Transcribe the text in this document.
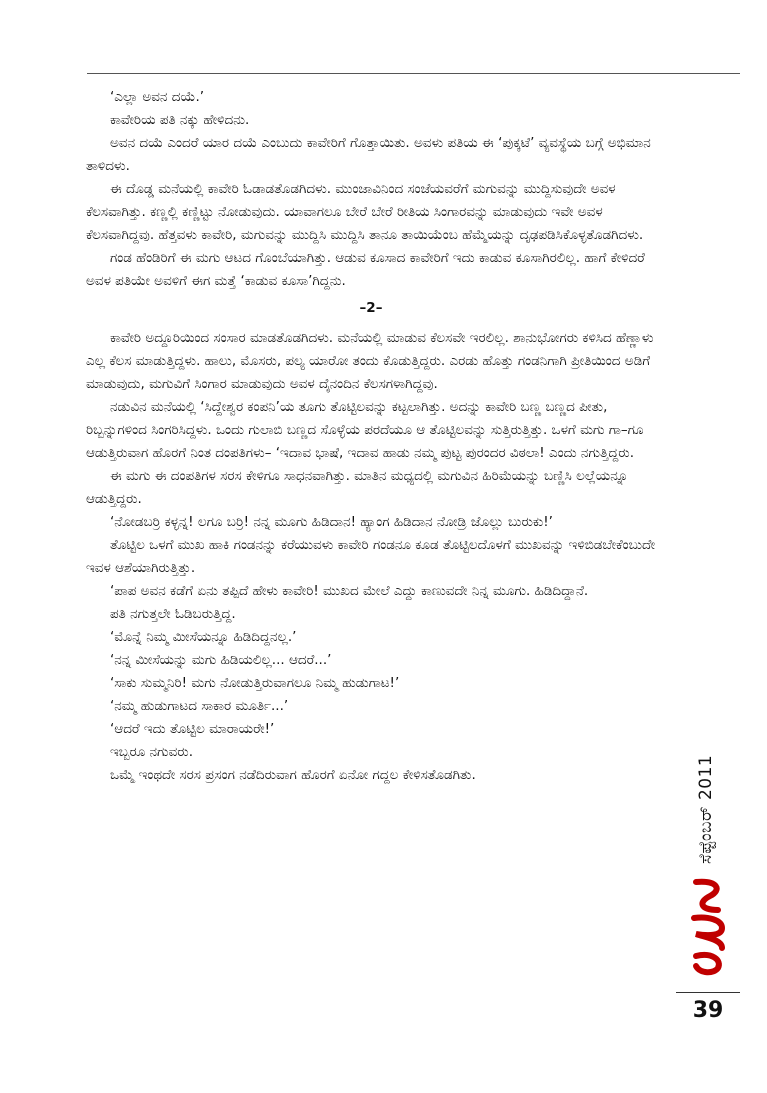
‘ಎಲ್ಲಾ ಅವನ ದಯೆ.’

ಕಾವೇರಿಯ ಪತಿ ನಕ್ಕು ಹೇಳಿದನು.

ಅವನ ದಯೆ ಎಂದರೆ ಯಾರ ದಯೆ ಎಂಬುದು ಕಾವೇರಿಗೆ ಗೊತ್ತಾಯಿತು. ಅವಳು ಪತಿಯ ಈ ‘ಪುಕ್ಕಟೆ’ ವ್ಯವಸ್ಥೆಯ ಬಗ್ಗೆ ಅಭಿಮಾನ ತಾಳಿದಳು.

ಈ ದೊಡ್ಡ ಮನೆಯಲ್ಲಿ ಕಾವೇರಿ ಓಡಾಡತೊಡಗಿದಳು. ಮುಂಜಾವಿನಿಂದ ಸಂಜೆಯವರೆಗೆ ಮಗುವನ್ನು ಮುದ್ದಿಸುವುದೇ ಅವಳ ಕೆಲಸವಾಗಿತ್ತು. ಕಣ್ಣಲ್ಲಿ ಕಣ್ಣಿಟ್ಟು ನೋಡುವುದು. ಯಾವಾಗಲೂ ಬೇರೆ ಬೇರೆ ರೀತಿಯ ಸಿಂಗಾರವನ್ನು ಮಾಡುವುದು ಇವೇ ಅವಳ ಕೆಲಸವಾಗಿದ್ದವು. ಹೆತ್ತವಳು ಕಾವೇರಿ, ಮಗುವನ್ನು ಮುದ್ದಿಸಿ ಮುದ್ದಿಸಿ ತಾನೂ ತಾಯಿಯೆಂಬ ಹೆಮ್ಮೆಯನ್ನು ದೃಢಪಡಿಸಿಕೊಳ್ಳತೊಡಗಿದಳು.

ಗಂಡ ಹೆಂಡಿರಿಗೆ ಈ ಮಗು ಆಟದ ಗೊಂಬೆಯಾಗಿತ್ತು. ಆಡುವ ಕೂಸಾದ ಕಾವೇರಿಗೆ ಇದು ಕಾಡುವ ಕೂಸಾಗಿರಲಿಲ್ಲ. ಹಾಗೆ ಕೇಳಿದರೆ ಅವಳ ಪತಿಯೇ ಅವಳಿಗೆ ಈಗ ಮತ್ತೆ ‘ಕಾಡುವ ಕೂಸಾ’ಗಿದ್ದನು.

–2–

ಕಾವೇರಿ ಅದ್ದೂರಿಯಿಂದ ಸಂಸಾರ ಮಾಡತೊಡಗಿದಳು. ಮನೆಯಲ್ಲಿ ಮಾಡುವ ಕೆಲಸವೇ ಇರಲಿಲ್ಲ. ಶಾನುಭೋಗರು ಕಳಿಸಿದ ಹೆಣ್ಣಾಳು ಎಲ್ಲ ಕೆಲಸ ಮಾಡುತ್ತಿದ್ದಳು. ಹಾಲು, ಮೊಸರು, ಪಲ್ಯ ಯಾರೋ ತಂದು ಕೊಡುತ್ತಿದ್ದರು. ಎರಡು ಹೊತ್ತು ಗಂಡನಿಗಾಗಿ ಪ್ರೀತಿಯಿಂದ ಅಡಿಗೆ ಮಾಡುವುದು, ಮಗುವಿಗೆ ಸಿಂಗಾರ ಮಾಡುವುದು ಅವಳ ದೈನಂದಿನ ಕೆಲಸಗಳಾಗಿದ್ದವು.

ನಡುವಿನ ಮನೆಯಲ್ಲಿ ‘ಸಿದ್ದೇಶ್ವರ ಕಂಪನಿ’ಯ ತೂಗು ತೊಟ್ಟಿಲವನ್ನು ಕಟ್ಟಲಾಗಿತ್ತು. ಅದನ್ನು ಕಾವೇರಿ ಬಣ್ಣ ಬಣ್ಣದ ಪೀತು, ರಿಬ್ಬನ್ನುಗಳಿಂದ ಸಿಂಗರಿಸಿದ್ದಳು. ಒಂದು ಗುಲಾಬಿ ಬಣ್ಣದ ಸೊಳ್ಳೆಯ ಪರದೆಯೂ ಆ ತೊಟ್ಟಿಲವನ್ನು ಸುತ್ತಿರುತ್ತಿತ್ತು. ಒಳಗೆ ಮಗು ಗಾ–ಗೂ ಆಡುತ್ತಿರುವಾಗ ಹೊರಗೆ ನಿಂತ ದಂಪತಿಗಳು– ‘ಇದಾವ ಭಾಷೆ, ಇದಾವ ಹಾಡು ನಮ್ಮ ಪುಟ್ಟ ಪುರಂದರ ವಿಠಲಾ! ಎಂದು ನಗುತ್ತಿದ್ದರು.

ಈ ಮಗು ಈ ದಂಪತಿಗಳ ಸರಸ ಕೇಳಿಗೂ ಸಾಧನವಾಗಿತ್ತು. ಮಾತಿನ ಮಧ್ಯದಲ್ಲಿ ಮಗುವಿನ ಹಿರಿಮೆಯನ್ನು ಬಣ್ಣಿಸಿ ಲಲ್ಲೆಯನ್ನೂ ಆಡುತ್ತಿದ್ದರು.

‘ನೋಡಬರ್‍ರಿ ಕಳ್ಳನ್ನ! ಲಗೂ ಬರ್‍ರಿ! ನನ್ನ ಮೂಗು ಹಿಡಿದಾನ! ಹ್ಯಾಂಗ ಹಿಡಿದಾನ ನೋಡ್ರಿ ಜೊಲ್ಲು ಬುರುಕು!’

ತೊಟ್ಟಿಲ ಒಳಗೆ ಮುಖ ಹಾಕಿ ಗಂಡನನ್ನು ಕರೆಯುವಳು ಕಾವೇರಿ ಗಂಡನೂ ಕೂಡ ತೊಟ್ಟಿಲದೊಳಗೆ ಮುಖವನ್ನು ಇಳಿಬಿಡಬೇಕೆಂಬುದೇ ಇವಳ ಆಶೆಯಾಗಿರುತ್ತಿತ್ತು.

‘ಪಾಪ ಅವನ ಕಡೆಗೆ ಏನು ತಪ್ಪಿದೆ ಹೇಳು ಕಾವೇರಿ! ಮುಖದ ಮೇಲೆ ಎದ್ದು ಕಾಣುವದೇ ನಿನ್ನ ಮೂಗು. ಹಿಡಿದಿದ್ದಾನೆ.

ಪತಿ ನಗುತ್ತಲೇ ಓಡಿಬರುತ್ತಿದ್ದ.

‘ಮೊನ್ನೆ ನಿಮ್ಮ ಮೀಸೆಯನ್ನೂ ಹಿಡಿದಿದ್ದನಲ್ಲ.’

‘ನನ್ನ ಮೀಸೆಯನ್ನು ಮಗು ಹಿಡಿಯಲಿಲ್ಲ... ಆದರೆ...’

‘ಸಾಕು ಸುಮ್ಮನಿರಿ! ಮಗು ನೋಡುತ್ತಿರುವಾಗಲೂ ನಿಮ್ಮ ಹುಡುಗಾಟ!’

‘ನಮ್ಮ ಹುಡುಗಾಟದ ಸಾಕಾರ ಮೂರ್ತಿ...’

‘ಆದರೆ ಇದು ತೊಟ್ಟಿಲ ಮಾರಾಯರೇ!’

ಇಬ್ಬರೂ ನಗುವರು.

ಒಮ್ಮೆ ಇಂಥದೇ ಸರಸ ಪ್ರಸಂಗ ನಡೆದಿರುವಾಗ ಹೊರಗೆ ಏನೋ ಗದ್ದಲ ಕೇಳಿಸತೊಡಗಿತು.	ಸೆಪ್ಟೆಂಬರ್ 2011
39
